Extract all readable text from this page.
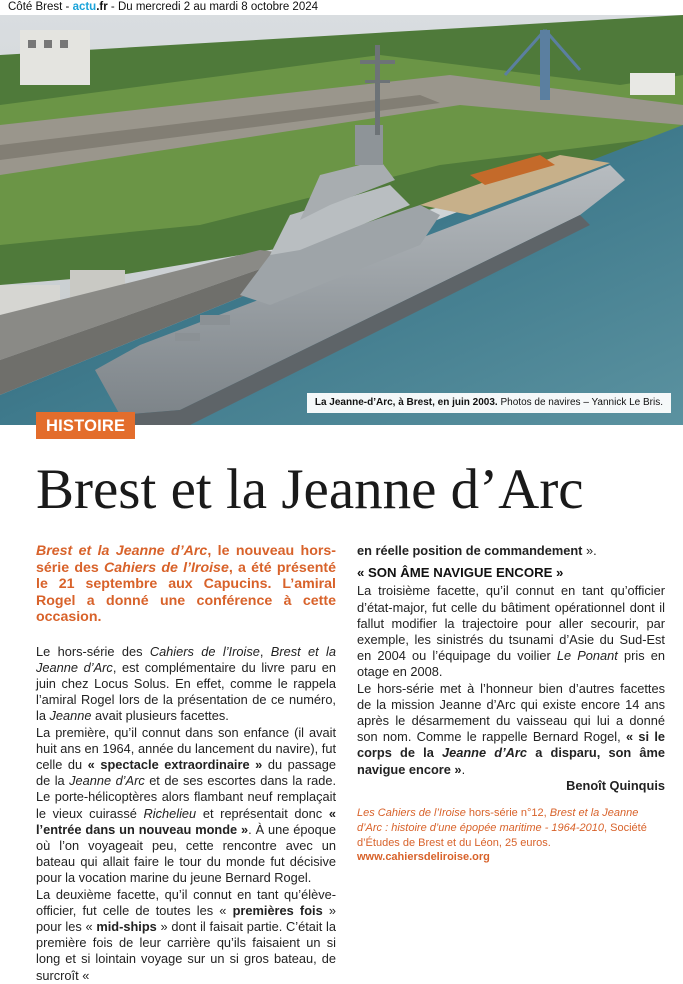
Côté Brest - actu.fr - Du mercredi 2 au mardi 8 octobre 2024
La Jeanne-d’Arc, à Brest, en juin 2003. Photos de navires – Yannick Le Bris.
HISTOIRE
Brest et la Jeanne d’Arc

Brest et la Jeanne d’Arc, le nouveau hors-série des Cahiers de l’Iroise, a été présenté le 21 septembre aux Capucins. L’amiral Rogel a donné une conférence à cette occasion.

Le hors-série des Cahiers de l’Iroise, Brest et la Jeanne d’Arc, est complémentaire du livre paru en juin chez Locus Solus. En effet, comme le rappela l’amiral Rogel lors de la présentation de ce numéro, la Jeanne avait plusieurs facettes.

La première, qu’il connut dans son enfance (il avait huit ans en 1964, année du lancement du navire), fut celle du « spectacle extraordinaire » du passage de la Jeanne d’Arc et de ses escortes dans la rade. Le porte-hélicoptères alors flambant neuf remplaçait le vieux cuirassé Richelieu et représentait donc « l’entrée dans un nouveau monde ». À une époque où l’on voyageait peu, cette rencontre avec un bateau qui allait faire le tour du monde fut décisive pour la vocation marine du jeune Bernard Rogel.

La deuxième facette, qu’il connut en tant qu’élève-officier, fut celle de toutes les « premières fois » pour les « mid-ships » dont il faisait partie. C’était la première fois de leur carrière qu’ils faisaient un si long et si lointain voyage sur un si gros bateau, de surcroît «

en réelle position de commandement ».

« SON ÂME NAVIGUE ENCORE »

La troisième facette, qu’il connut en tant qu’officier d’état-major, fut celle du bâtiment opérationnel dont il fallut modifier la trajectoire pour aller secourir, par exemple, les sinistrés du tsunami d’Asie du Sud-Est en 2004 ou l’équipage du voilier Le Ponant pris en otage en 2008.

Le hors-série met à l’honneur bien d’autres facettes de la mission Jeanne d’Arc qui existe encore 14 ans après le désarmement du vaisseau qui lui a donné son nom. Comme le rappelle Bernard Rogel, « si le corps de la Jeanne d’Arc a disparu, son âme navigue encore ».

Benoît Quinquis

Les Cahiers de l’Iroise hors-série n°12, Brest et la Jeanne d’Arc : histoire d’une épopée maritime - 1964-2010, Société d’Études de Brest et du Léon, 25 euros.
www.cahiersdeliroise.org
